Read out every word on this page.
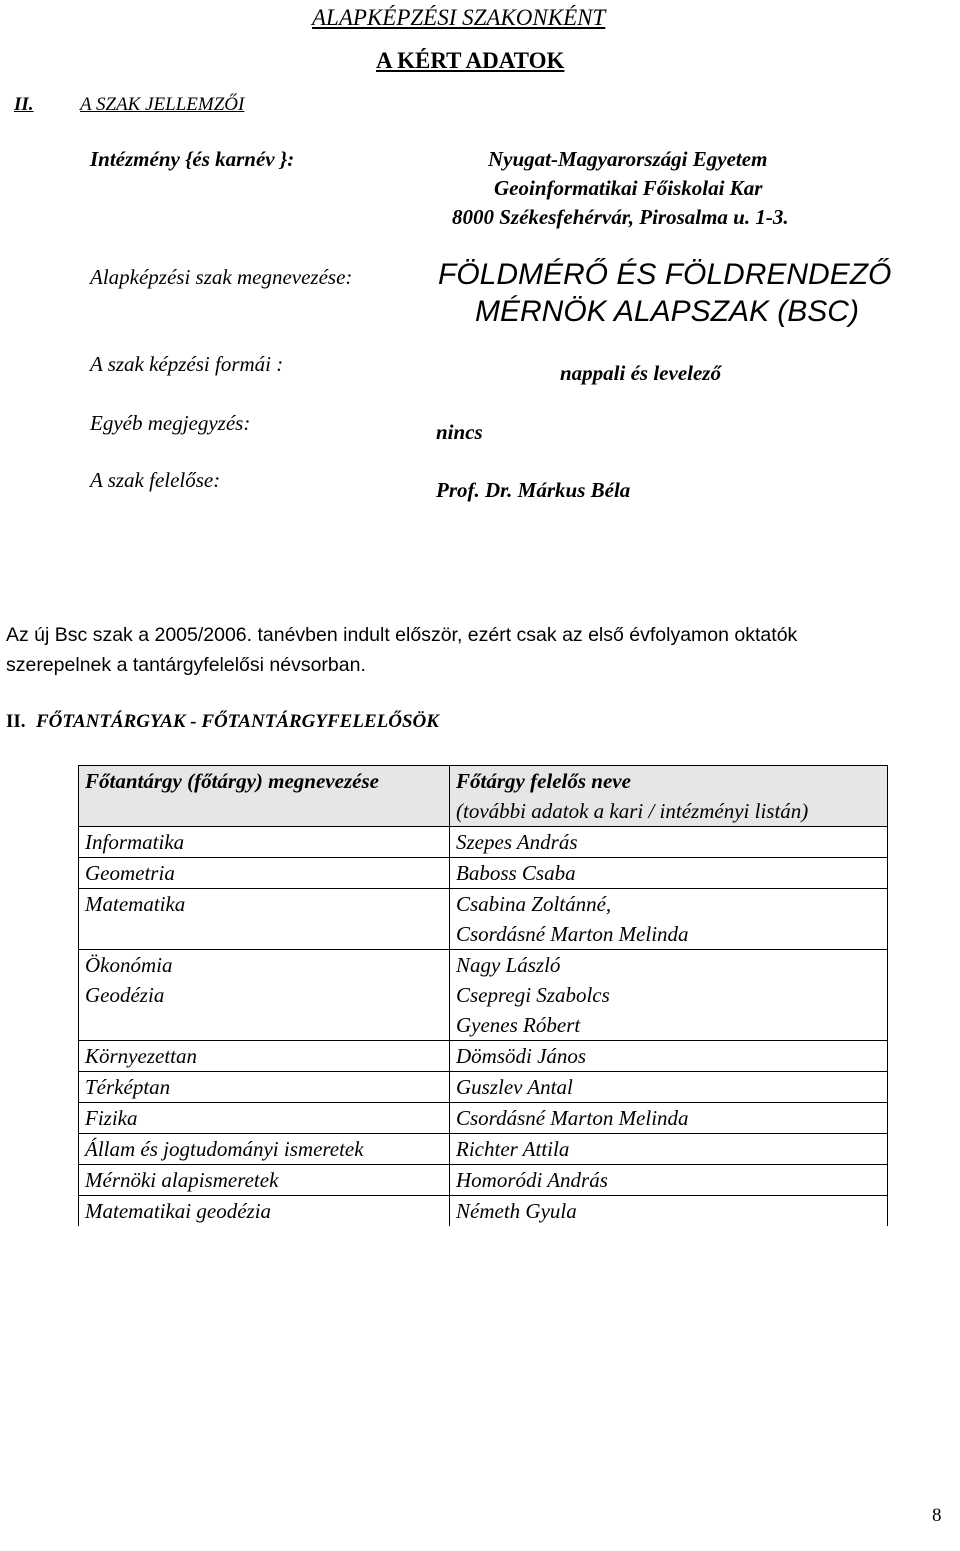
ALAPKÉPZÉSI SZAKONKÉNT
A KÉRT ADATOK
II. A SZAK JELLEMZŐI
Intézmény {és karnév }:	Nyugat-Magyarországi Egyetem
Geoinformatikai Főiskolai Kar
8000 Székesfehérvár, Pirosalma u. 1-3.
Alapképzési szak megnevezése:	FÖLDMÉRŐ ÉS FÖLDRENDEZŐ
MÉRNÖK ALAPSZAK (BSC)
A szak képzési formái :	nappali és levelező
Egyéb megjegyzés:	nincs
A szak felelőse:	Prof. Dr. Márkus Béla
Az új Bsc szak a 2005/2006. tanévben indult először, ezért csak az első évfolyamon oktatók szerepelnek a tantárgyfelelősi névsorban.
II. FŐTANTÁRGYAK - FŐTANTÁRGYFELELŐSÖK
Főtantárgy (főtárgy) megnevezése	Főtárgy felelős neve
(további adatok a kari / intézményi listán)

Informatika	Szepes András
Geometria	Baboss Csaba
Matematika	Csabina Zoltánné,
	Csordásné Marton Melinda
Ökonómia	Nagy László
Geodézia	Csepregi Szabolcs
	Gyenes Róbert
Környezettan	Dömsödi János
Térképtan	Guszlev Antal
Fizika	Csordásné Marton Melinda
Állam és jogtudományi ismeretek	Richter Attila
Mérnöki alapismeretek	Homoródi András
Matematikai geodézia	Németh Gyula
8
